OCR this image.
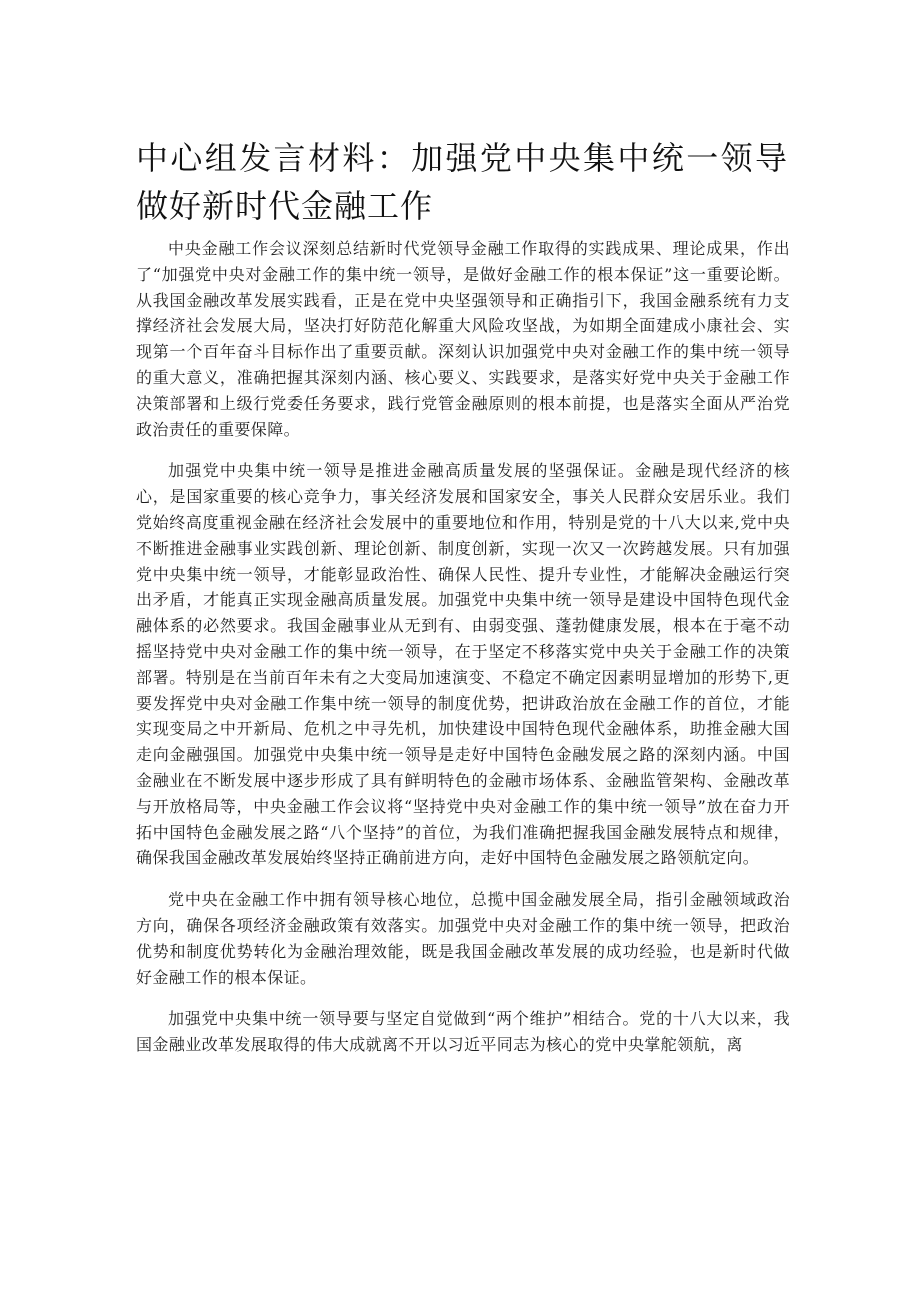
中心组发言材料：加强党中央集中统一领导做好新时代金融工作

中央金融工作会议深刻总结新时代党领导金融工作取得的实践成果、理论成果，作出了“加强党中央对金融工作的集中统一领导，是做好金融工作的根本保证”这一重要论断。从我国金融改革发展实践看，正是在党中央坚强领导和正确指引下，我国金融系统有力支撑经济社会发展大局，坚决打好防范化解重大风险攻坚战，为如期全面建成小康社会、实现第一个百年奋斗目标作出了重要贡献。深刻认识加强党中央对金融工作的集中统一领导的重大意义，准确把握其深刻内涵、核心要义、实践要求，是落实好党中央关于金融工作决策部署和上级行党委任务要求，践行党管金融原则的根本前提，也是落实全面从严治党政治责任的重要保障。

加强党中央集中统一领导是推进金融高质量发展的坚强保证。金融是现代经济的核心，是国家重要的核心竞争力，事关经济发展和国家安全，事关人民群众安居乐业。我们党始终高度重视金融在经济社会发展中的重要地位和作用，特别是党的十八大以来,党中央不断推进金融事业实践创新、理论创新、制度创新，实现一次又一次跨越发展。只有加强党中央集中统一领导，才能彰显政治性、确保人民性、提升专业性，才能解决金融运行突出矛盾，才能真正实现金融高质量发展。加强党中央集中统一领导是建设中国特色现代金融体系的必然要求。我国金融事业从无到有、由弱变强、蓬勃健康发展，根本在于毫不动摇坚持党中央对金融工作的集中统一领导，在于坚定不移落实党中央关于金融工作的决策部署。特别是在当前百年未有之大变局加速演变、不稳定不确定因素明显增加的形势下,更要发挥党中央对金融工作集中统一领导的制度优势，把讲政治放在金融工作的首位，才能实现变局之中开新局、危机之中寻先机，加快建设中国特色现代金融体系，助推金融大国走向金融强国。加强党中央集中统一领导是走好中国特色金融发展之路的深刻内涵。中国金融业在不断发展中逐步形成了具有鲜明特色的金融市场体系、金融监管架构、金融改革与开放格局等，中央金融工作会议将“坚持党中央对金融工作的集中统一领导”放在奋力开拓中国特色金融发展之路“八个坚持”的首位，为我们准确把握我国金融发展特点和规律，确保我国金融改革发展始终坚持正确前进方向，走好中国特色金融发展之路领航定向。

党中央在金融工作中拥有领导核心地位，总揽中国金融发展全局，指引金融领域政治方向，确保各项经济金融政策有效落实。加强党中央对金融工作的集中统一领导，把政治优势和制度优势转化为金融治理效能，既是我国金融改革发展的成功经验，也是新时代做好金融工作的根本保证。

加强党中央集中统一领导要与坚定自觉做到“两个维护”相结合。党的十八大以来，我国金融业改革发展取得的伟大成就离不开以习近平同志为核心的党中央掌舵领航，离
